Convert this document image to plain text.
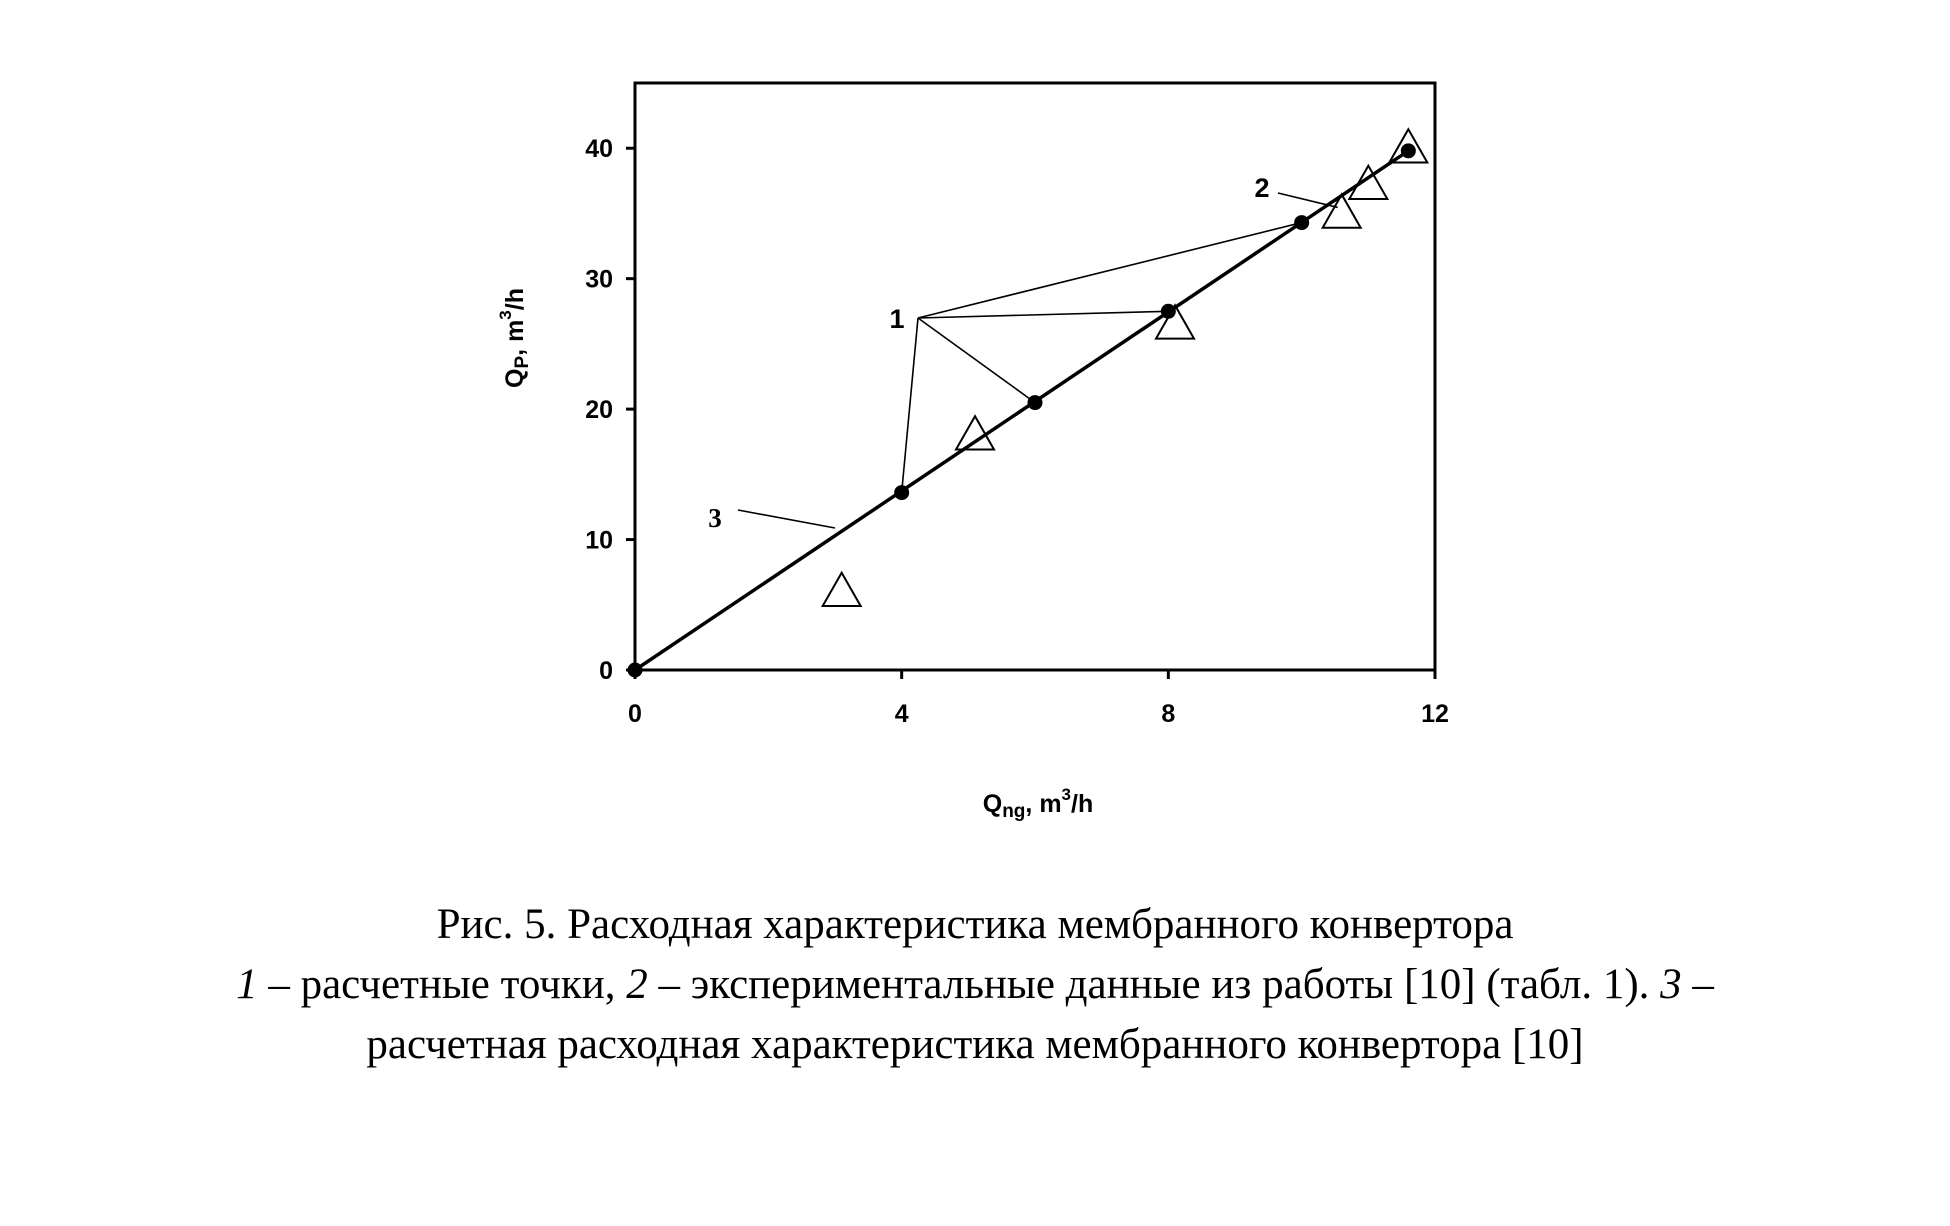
0	4	8	12
0
10
20
30
40
1
2
3
$Q_{ng}$, $m^3/h$
$Q_P$, $m^3/h$
Рис. 5. Расходная характеристика мембранного конвертора
1 – расчетные точки, 2 – экспериментальные данные из работы [10] (табл. 1). 3 –
расчетная расходная характеристика мембранного конвертора [10]
